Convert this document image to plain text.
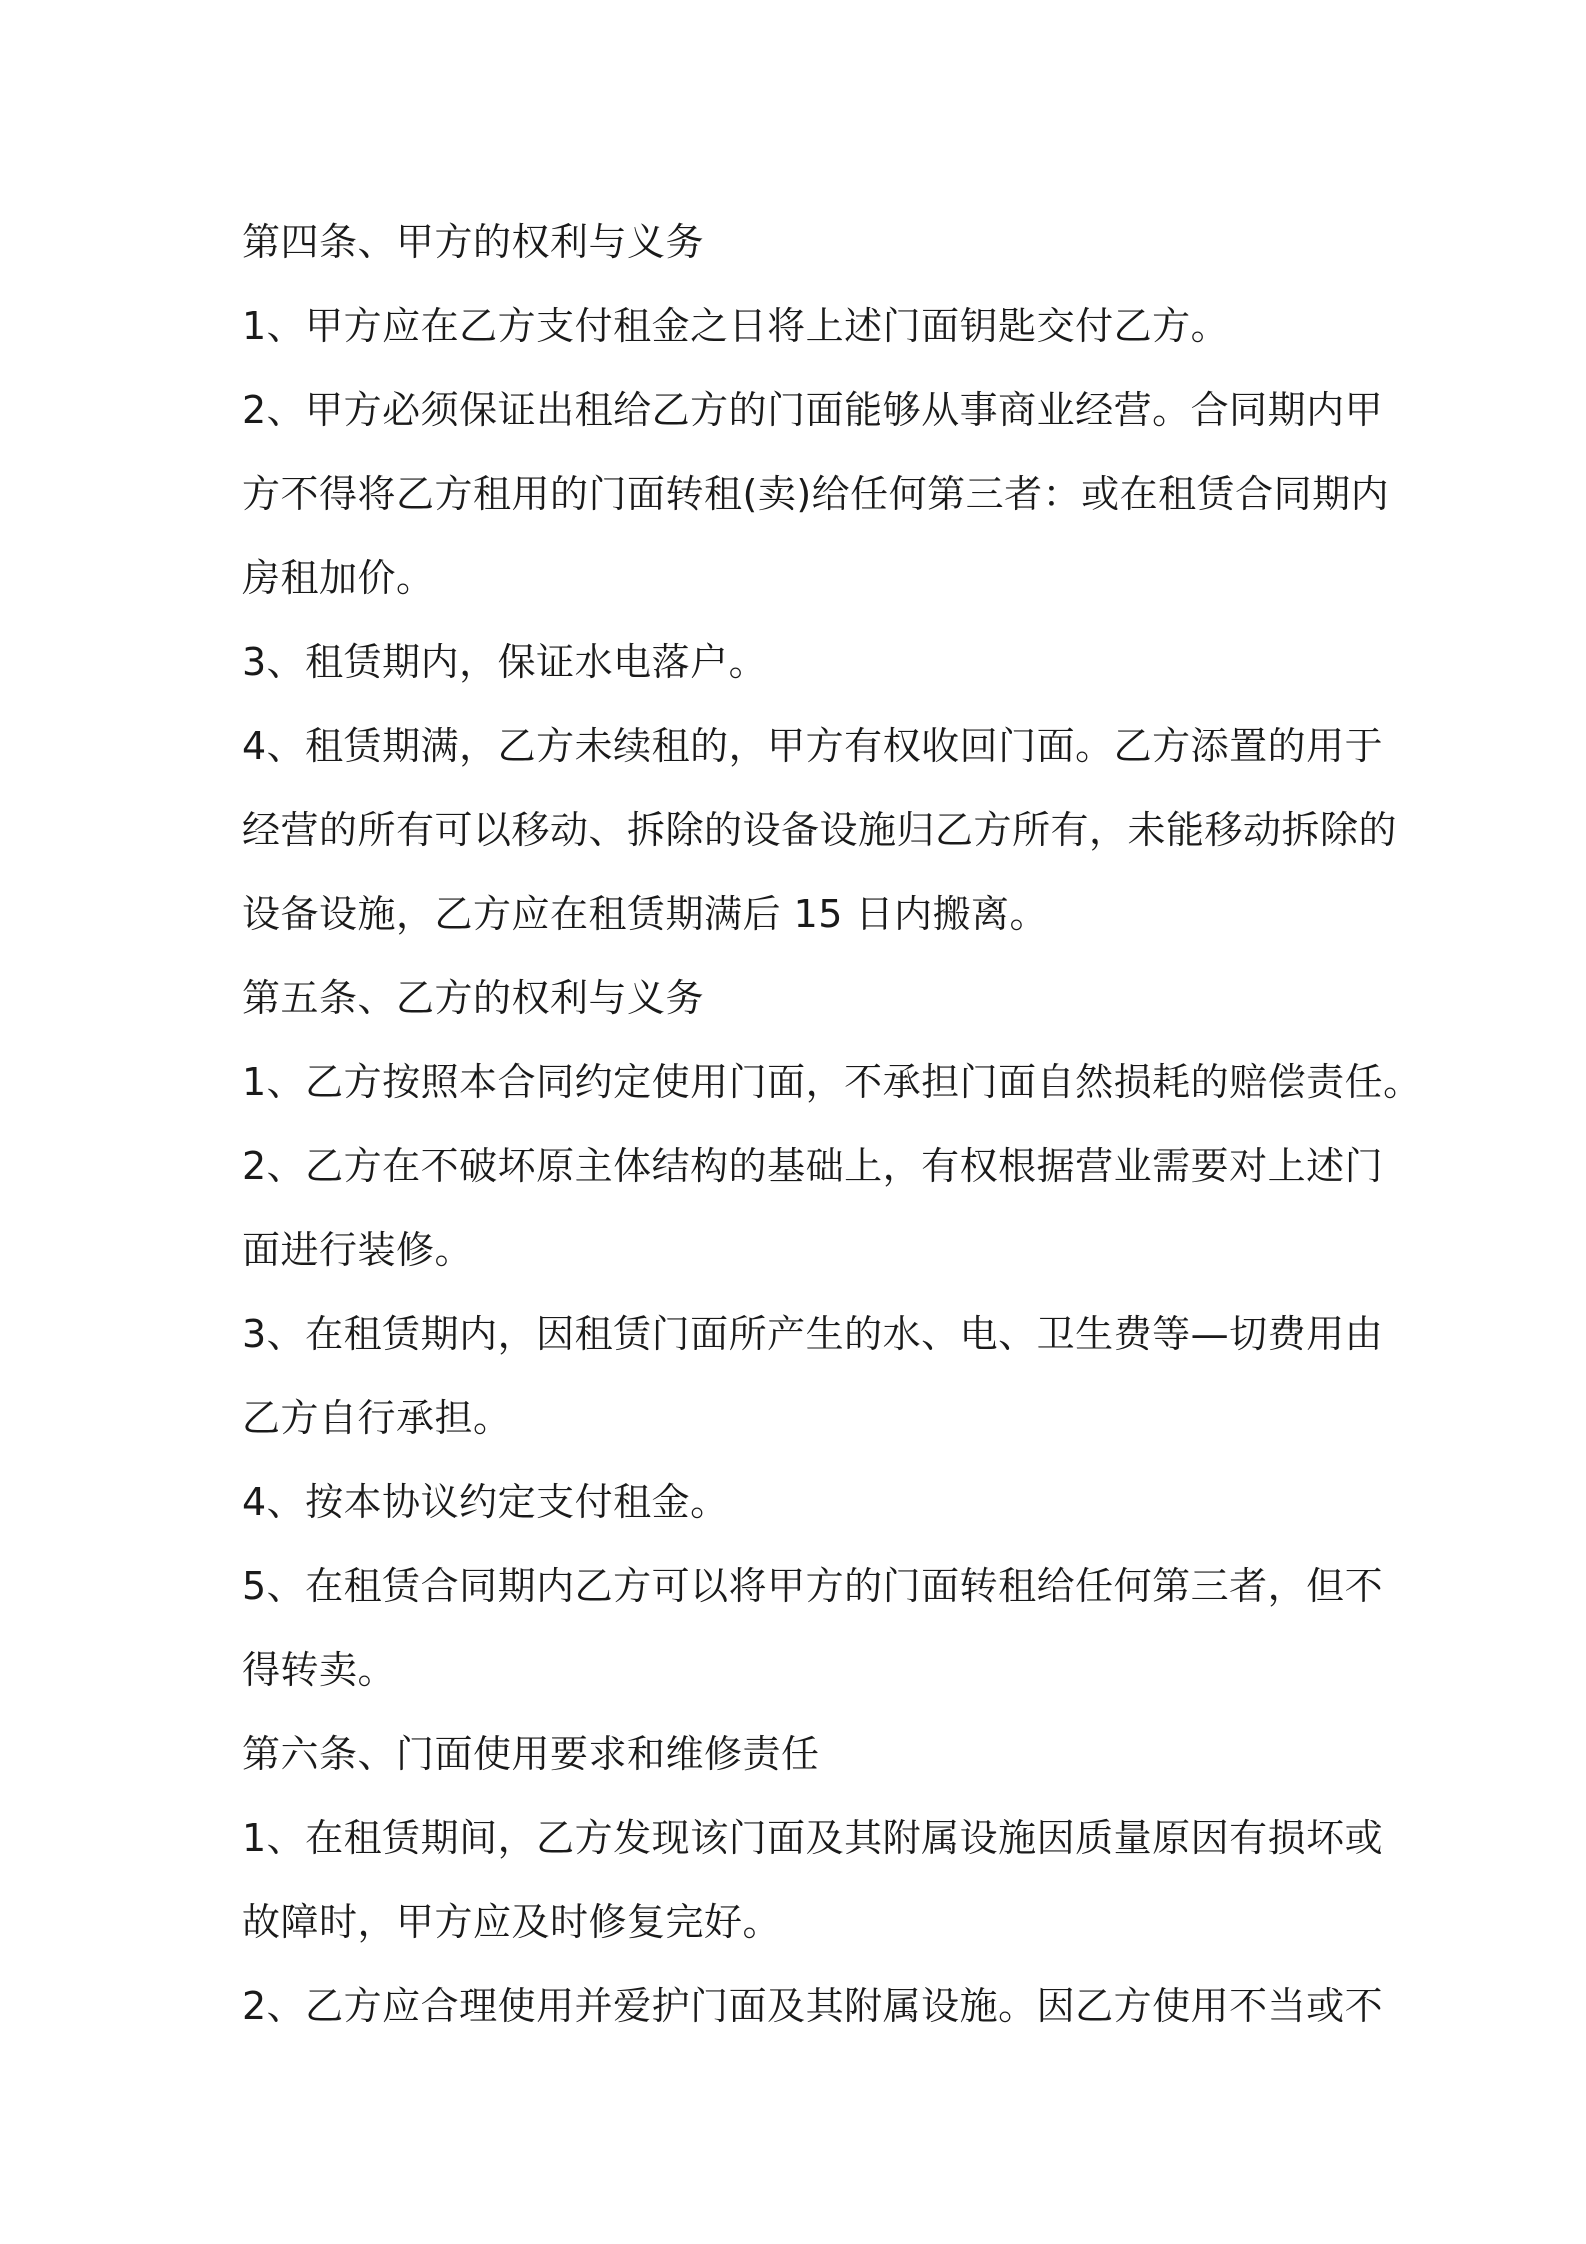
第四条、甲方的权利与义务
1、甲方应在乙方支付租金之日将上述门面钥匙交付乙方。
2、甲方必须保证出租给乙方的门面能够从事商业经营。合同期内甲
方不得将乙方租用的门面转租(卖)给任何第三者：或在租赁合同期内
房租加价。
3、租赁期内，保证水电落户。
4、租赁期满，乙方未续租的，甲方有权收回门面。乙方添置的用于
经营的所有可以移动、拆除的设备设施归乙方所有，未能移动拆除的
设备设施，乙方应在租赁期满后 15 日内搬离。
第五条、乙方的权利与义务
1、乙方按照本合同约定使用门面，不承担门面自然损耗的赔偿责任。
2、乙方在不破坏原主体结构的基础上，有权根据营业需要对上述门
面进行装修。
3、在租赁期内，因租赁门面所产生的水、电、卫生费等—切费用由
乙方自行承担。
4、按本协议约定支付租金。
5、在租赁合同期内乙方可以将甲方的门面转租给任何第三者，但不
得转卖。
第六条、门面使用要求和维修责任
1、在租赁期间，乙方发现该门面及其附属设施因质量原因有损坏或
故障时，甲方应及时修复完好。
2、乙方应合理使用并爱护门面及其附属设施。因乙方使用不当或不
